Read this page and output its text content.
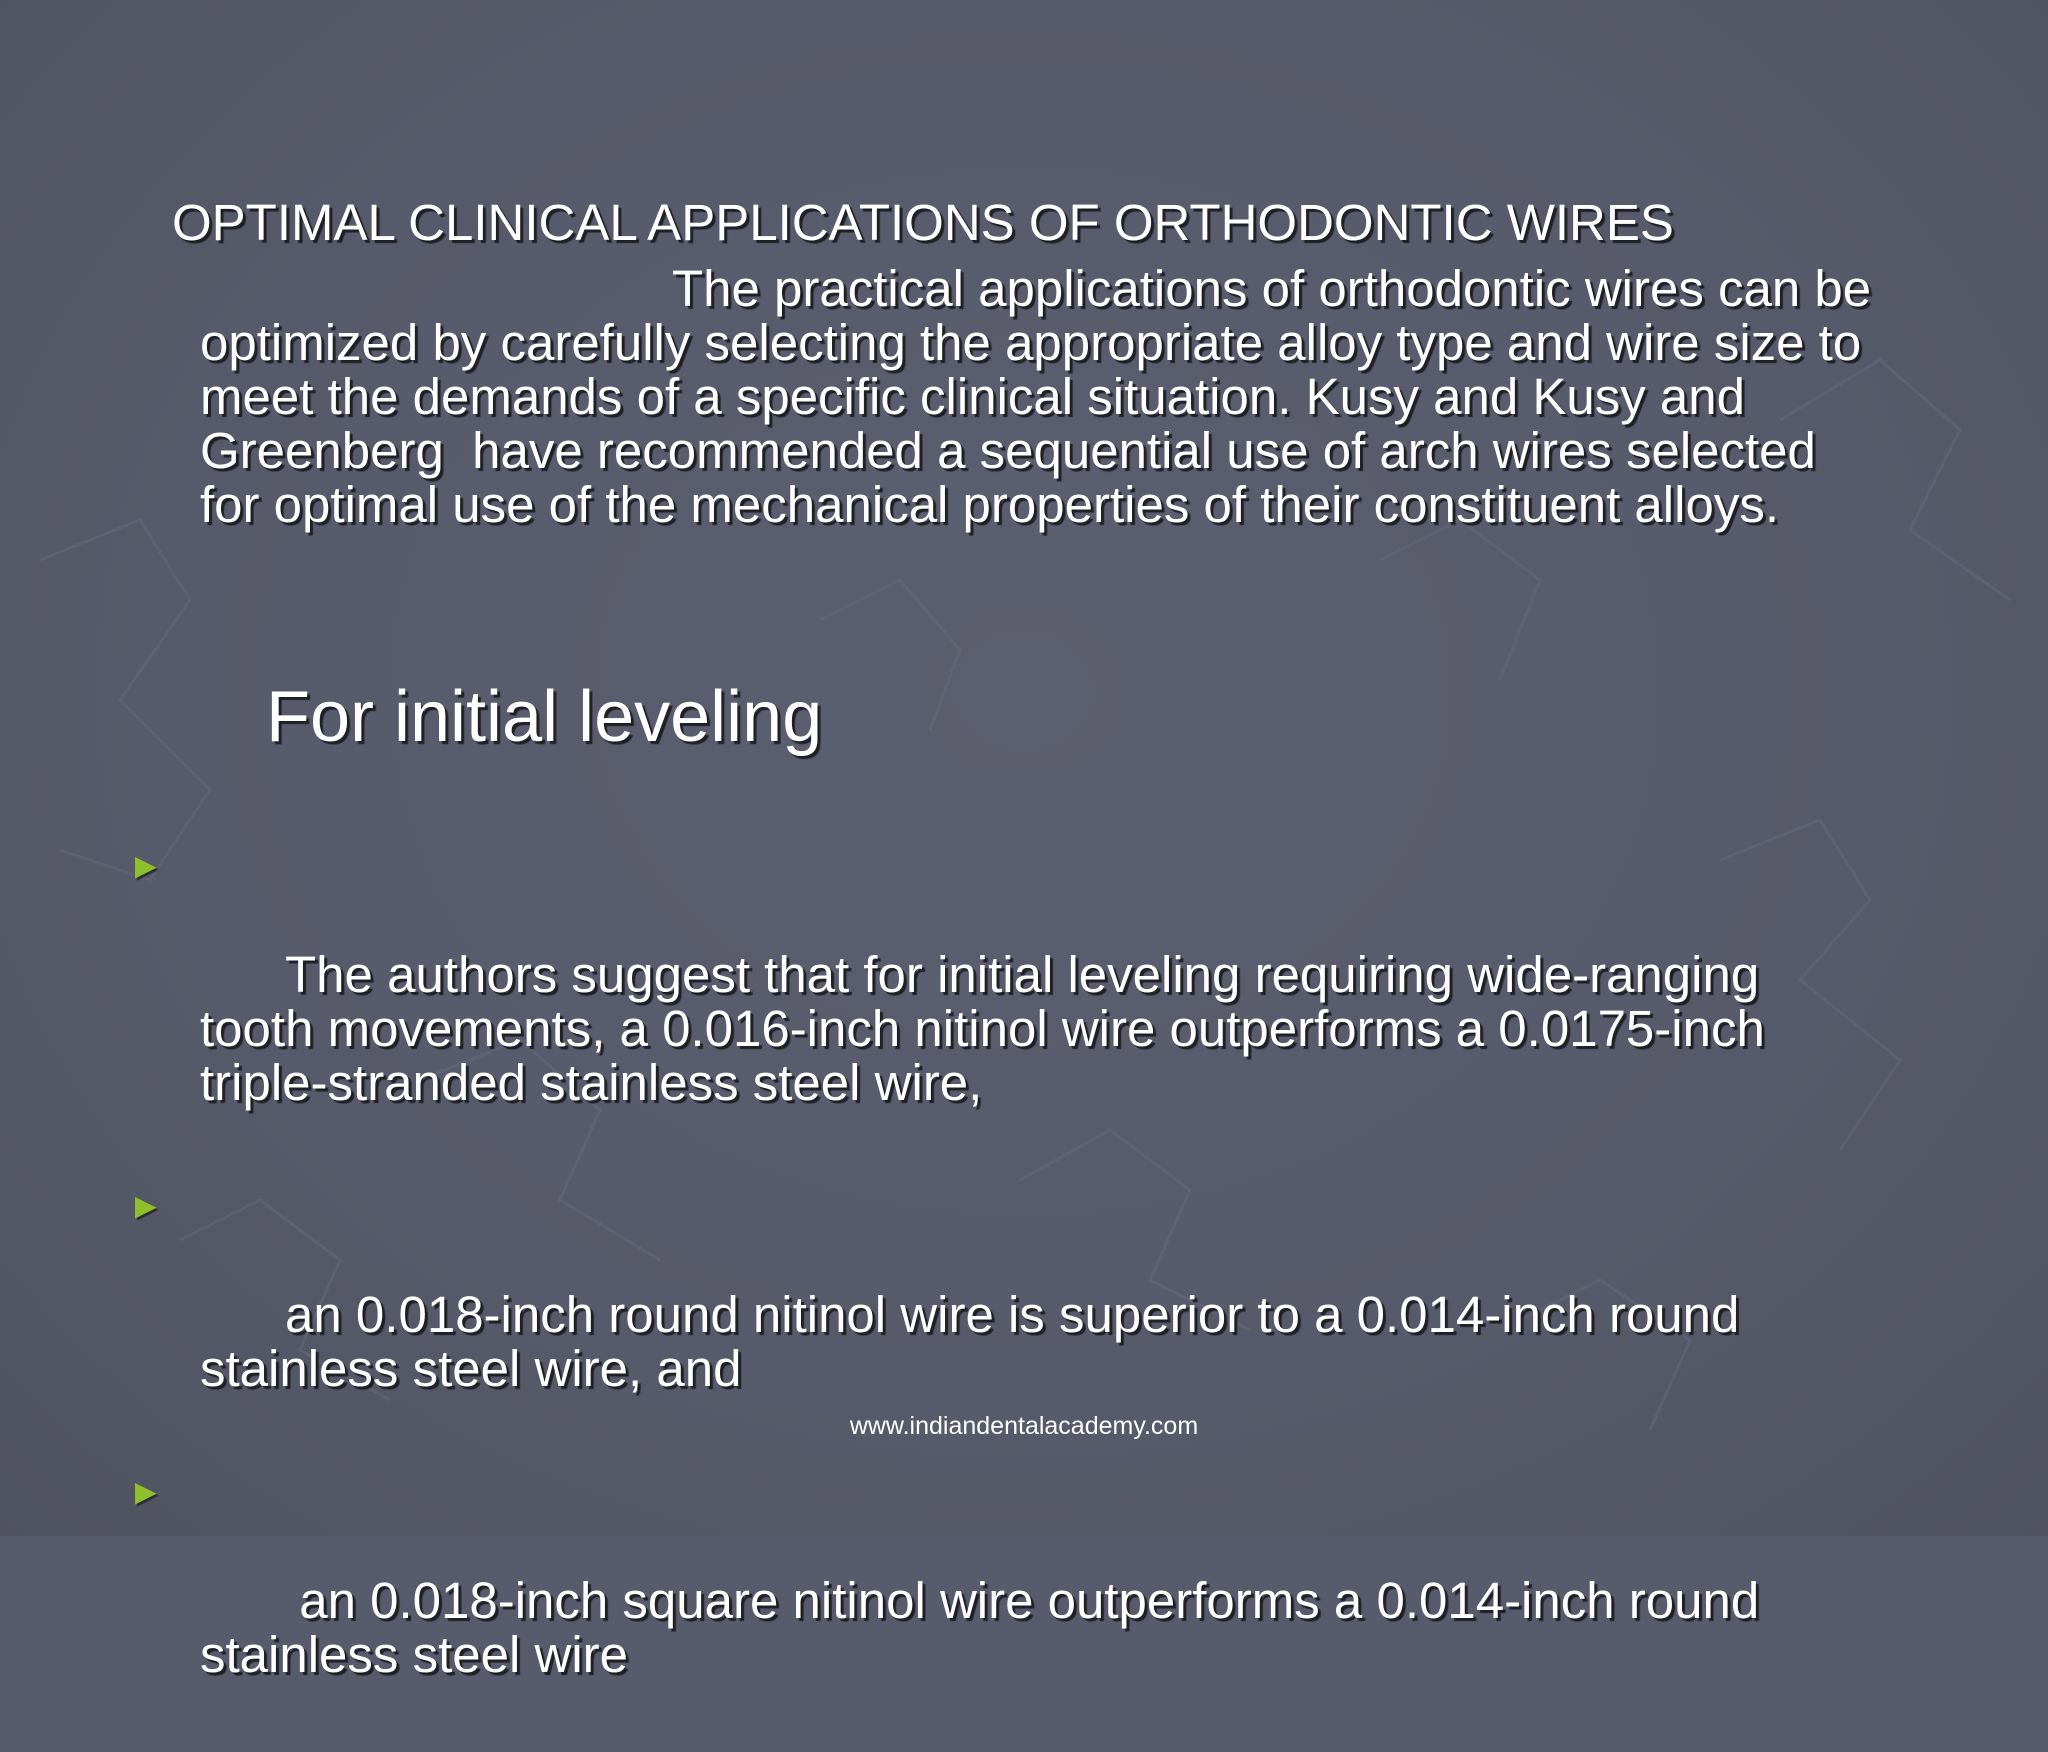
OPTIMAL CLINICAL APPLICATIONS OF ORTHODONTIC WIRES

The practical applications of orthodontic wires can be optimized by carefully selecting the appropriate alloy type and wire size to meet the demands of a specific clinical situation. Kusy and Kusy and Greenberg  have recommended a sequential use of arch wires selected for optimal use of the mechanical properties of their constituent alloys.

For initial leveling

►

The authors suggest that for initial leveling requiring wide-ranging tooth movements, a 0.016-inch nitinol wire outperforms a 0.0175-inch triple-stranded stainless steel wire,

►

an 0.018-inch round nitinol wire is superior to a 0.014-inch round stainless steel wire, and

►

an 0.018-inch square nitinol wire outperforms a 0.014-inch round stainless steel wire

www.indiandentalacademy.com
